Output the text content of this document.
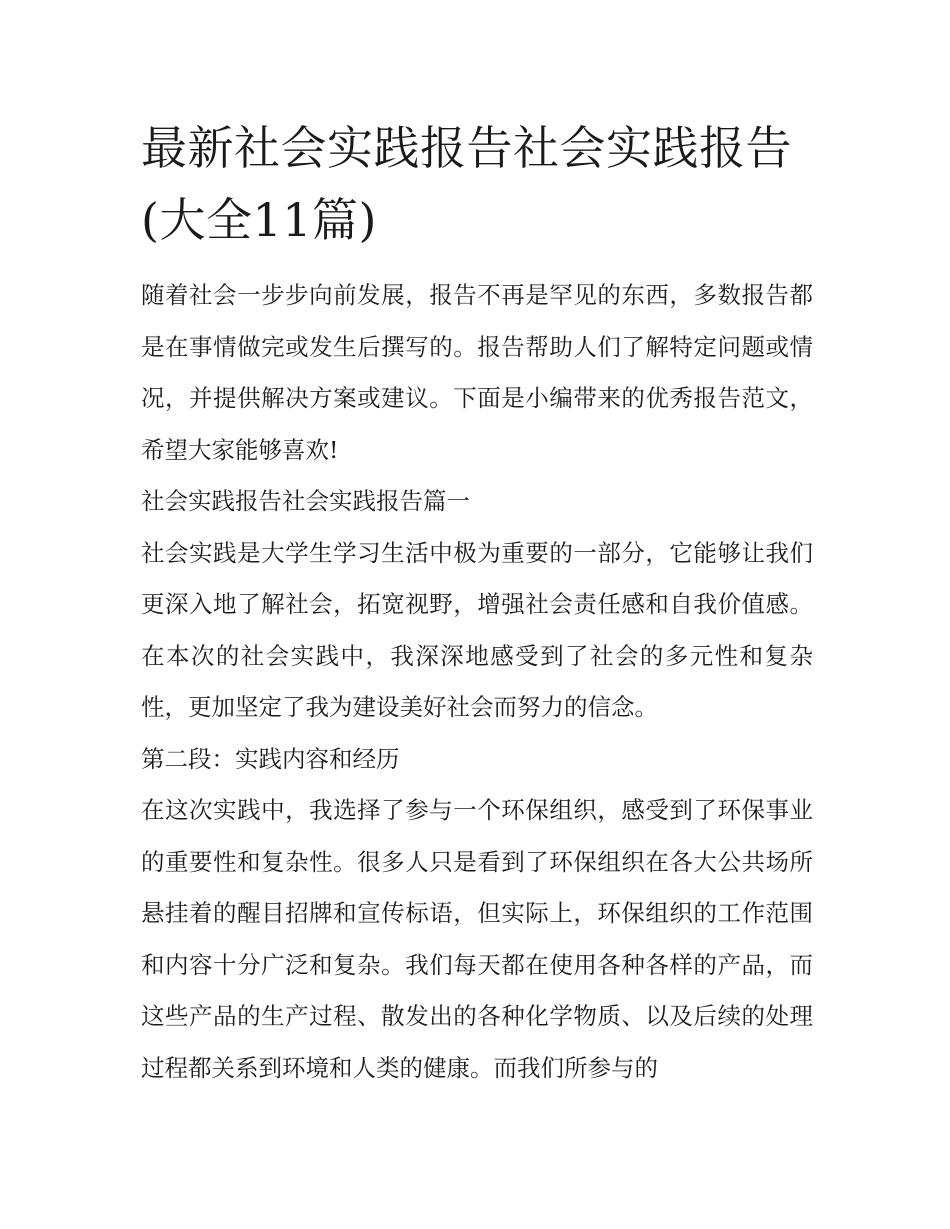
最新社会实践报告社会实践报告(大全11篇)

随着社会一步步向前发展，报告不再是罕见的东西，多数报告都是在事情做完或发生后撰写的。报告帮助人们了解特定问题或情况，并提供解决方案或建议。下面是小编带来的优秀报告范文，希望大家能够喜欢!

社会实践报告社会实践报告篇一

社会实践是大学生学习生活中极为重要的一部分，它能够让我们更深入地了解社会，拓宽视野，增强社会责任感和自我价值感。在本次的社会实践中，我深深地感受到了社会的多元性和复杂性，更加坚定了我为建设美好社会而努力的信念。

第二段：实践内容和经历

在这次实践中，我选择了参与一个环保组织，感受到了环保事业的重要性和复杂性。很多人只是看到了环保组织在各大公共场所悬挂着的醒目招牌和宣传标语，但实际上，环保组织的工作范围和内容十分广泛和复杂。我们每天都在使用各种各样的产品，而这些产品的生产过程、散发出的各种化学物质、以及后续的处理过程都关系到环境和人类的健康。而我们所参与的
